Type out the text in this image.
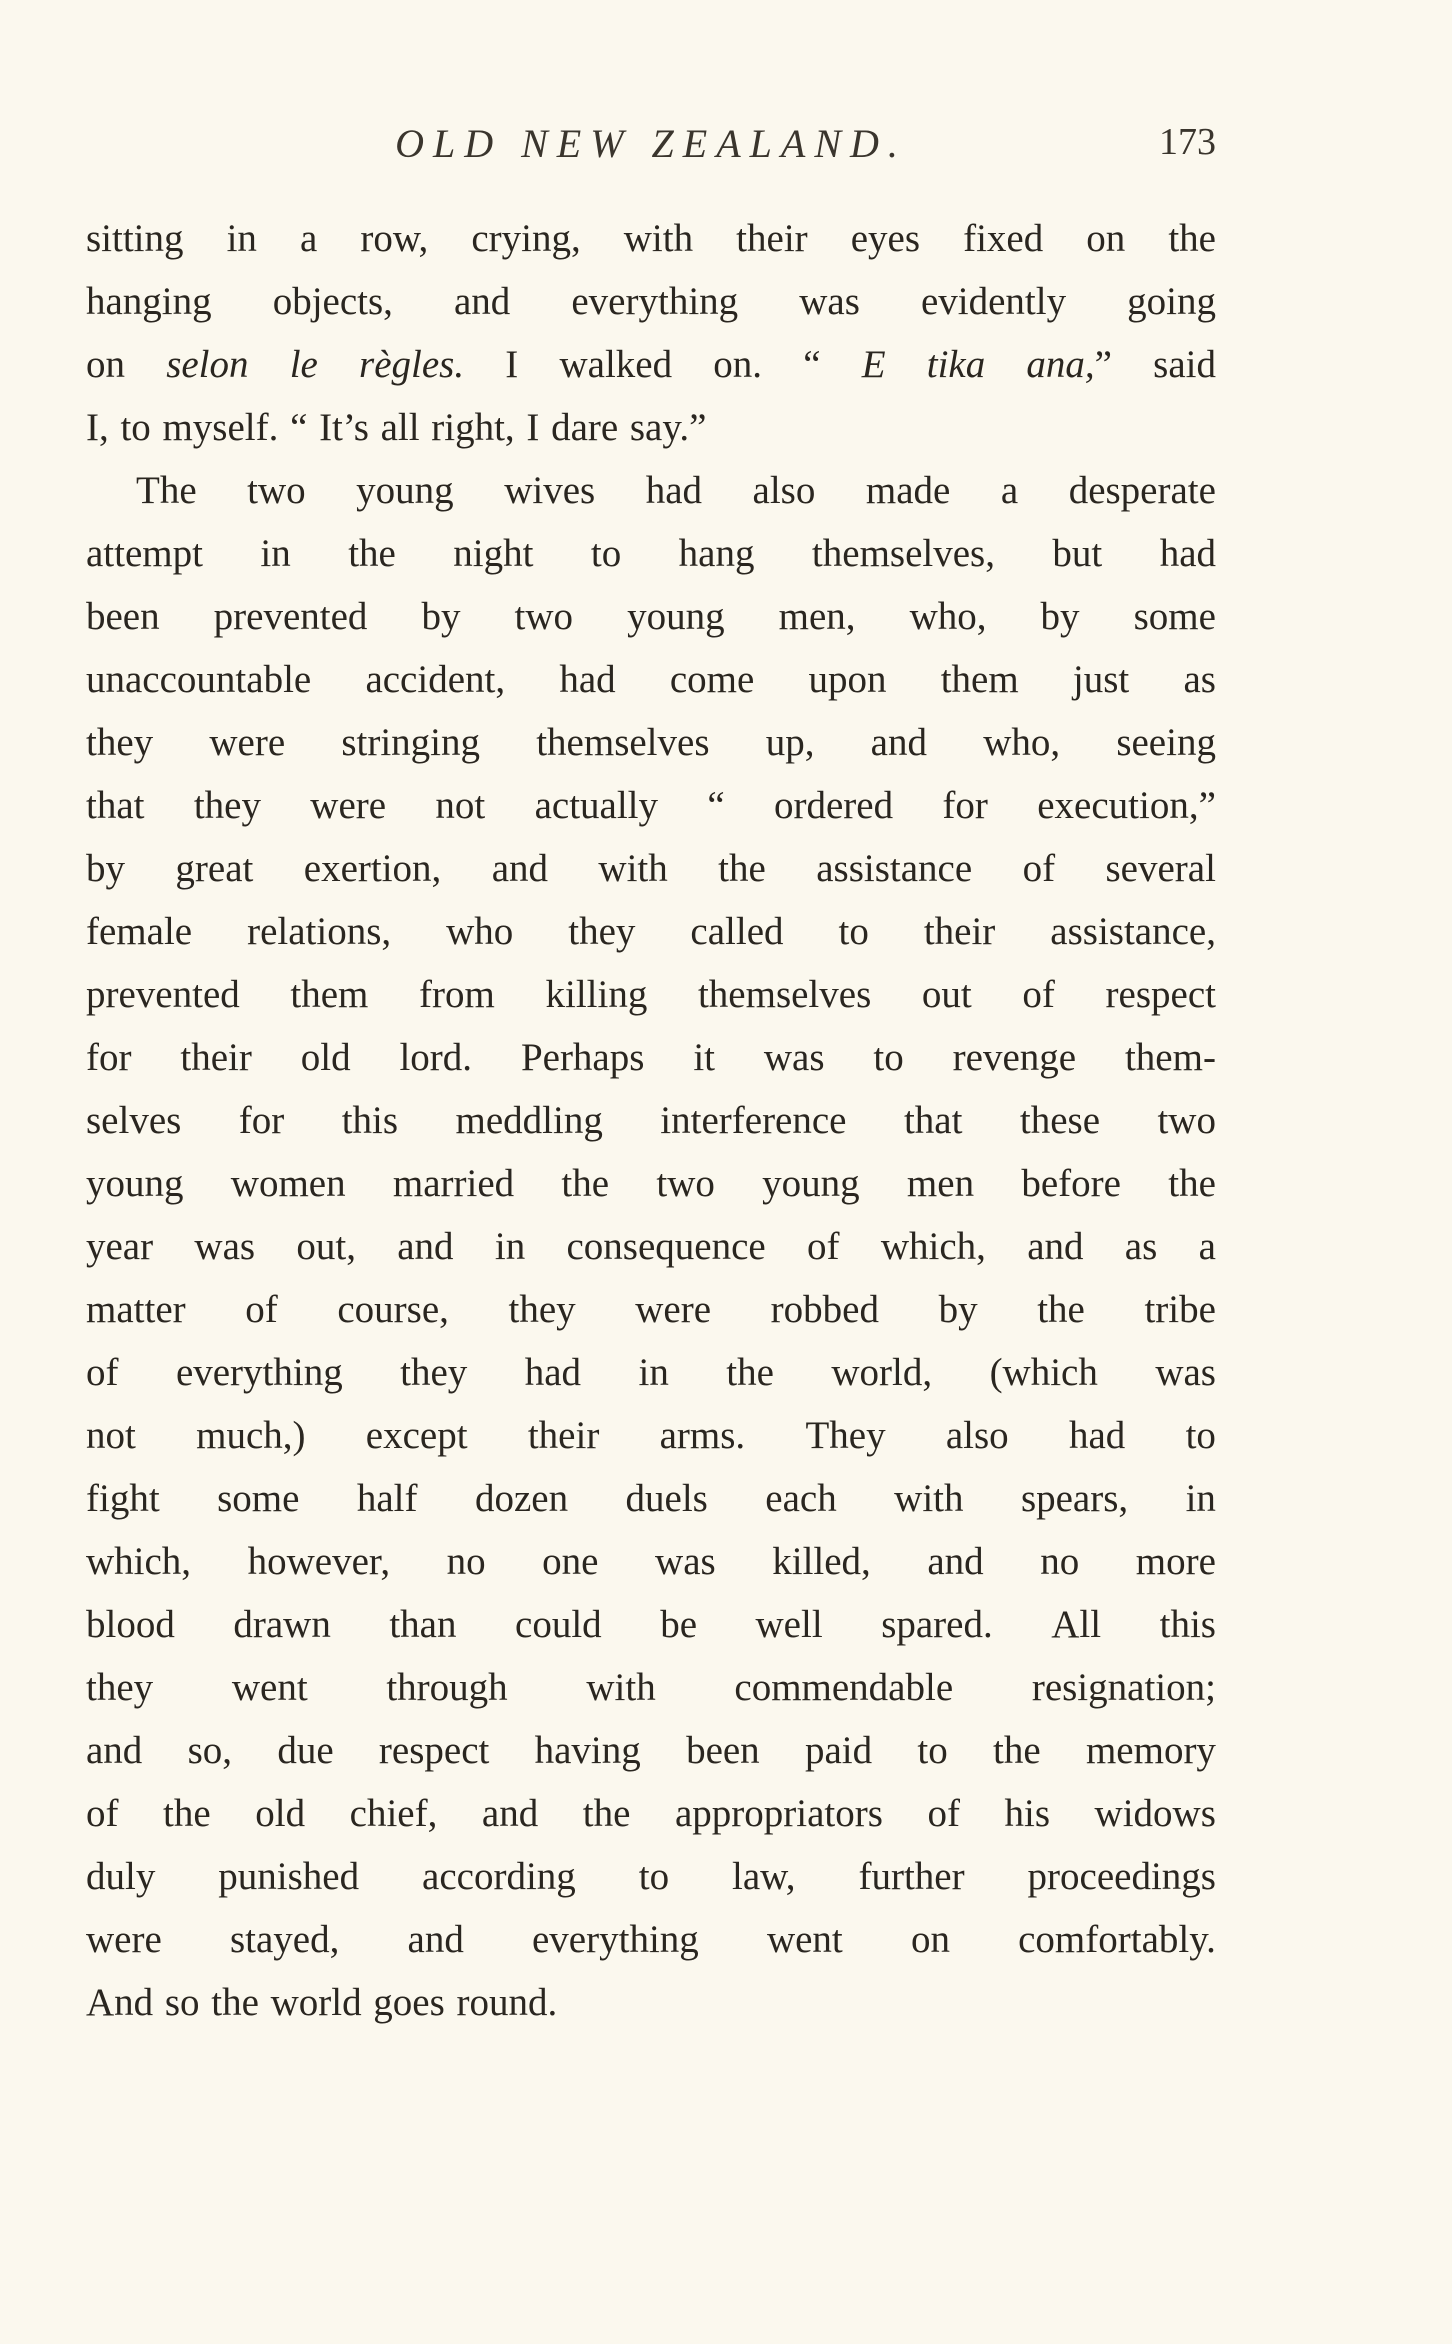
OLD NEW ZEALAND.	173
sitting in a row, crying, with their eyes fixed on the
hanging objects, and everything was evidently going
on selon le règles. I walked on. “ E tika ana,” said
I, to myself. “ It’s all right, I dare say.”
The two young wives had also made a desperate
attempt in the night to hang themselves, but had
been prevented by two young men, who, by some
unaccountable accident, had come upon them just as
they were stringing themselves up, and who, seeing
that they were not actually “ ordered for execution,”
by great exertion, and with the assistance of several
female relations, who they called to their assistance,
prevented them from killing themselves out of respect
for their old lord. Perhaps it was to revenge them-
selves for this meddling interference that these two
young women married the two young men before the
year was out, and in consequence of which, and as a
matter of course, they were robbed by the tribe
of everything they had in the world, (which was
not much,) except their arms. They also had to
fight some half dozen duels each with spears, in
which, however, no one was killed, and no more
blood drawn than could be well spared. All this
they went through with commendable resignation;
and so, due respect having been paid to the memory
of the old chief, and the appropriators of his widows
duly punished according to law, further proceedings
were stayed, and everything went on comfortably.
And so the world goes round.
